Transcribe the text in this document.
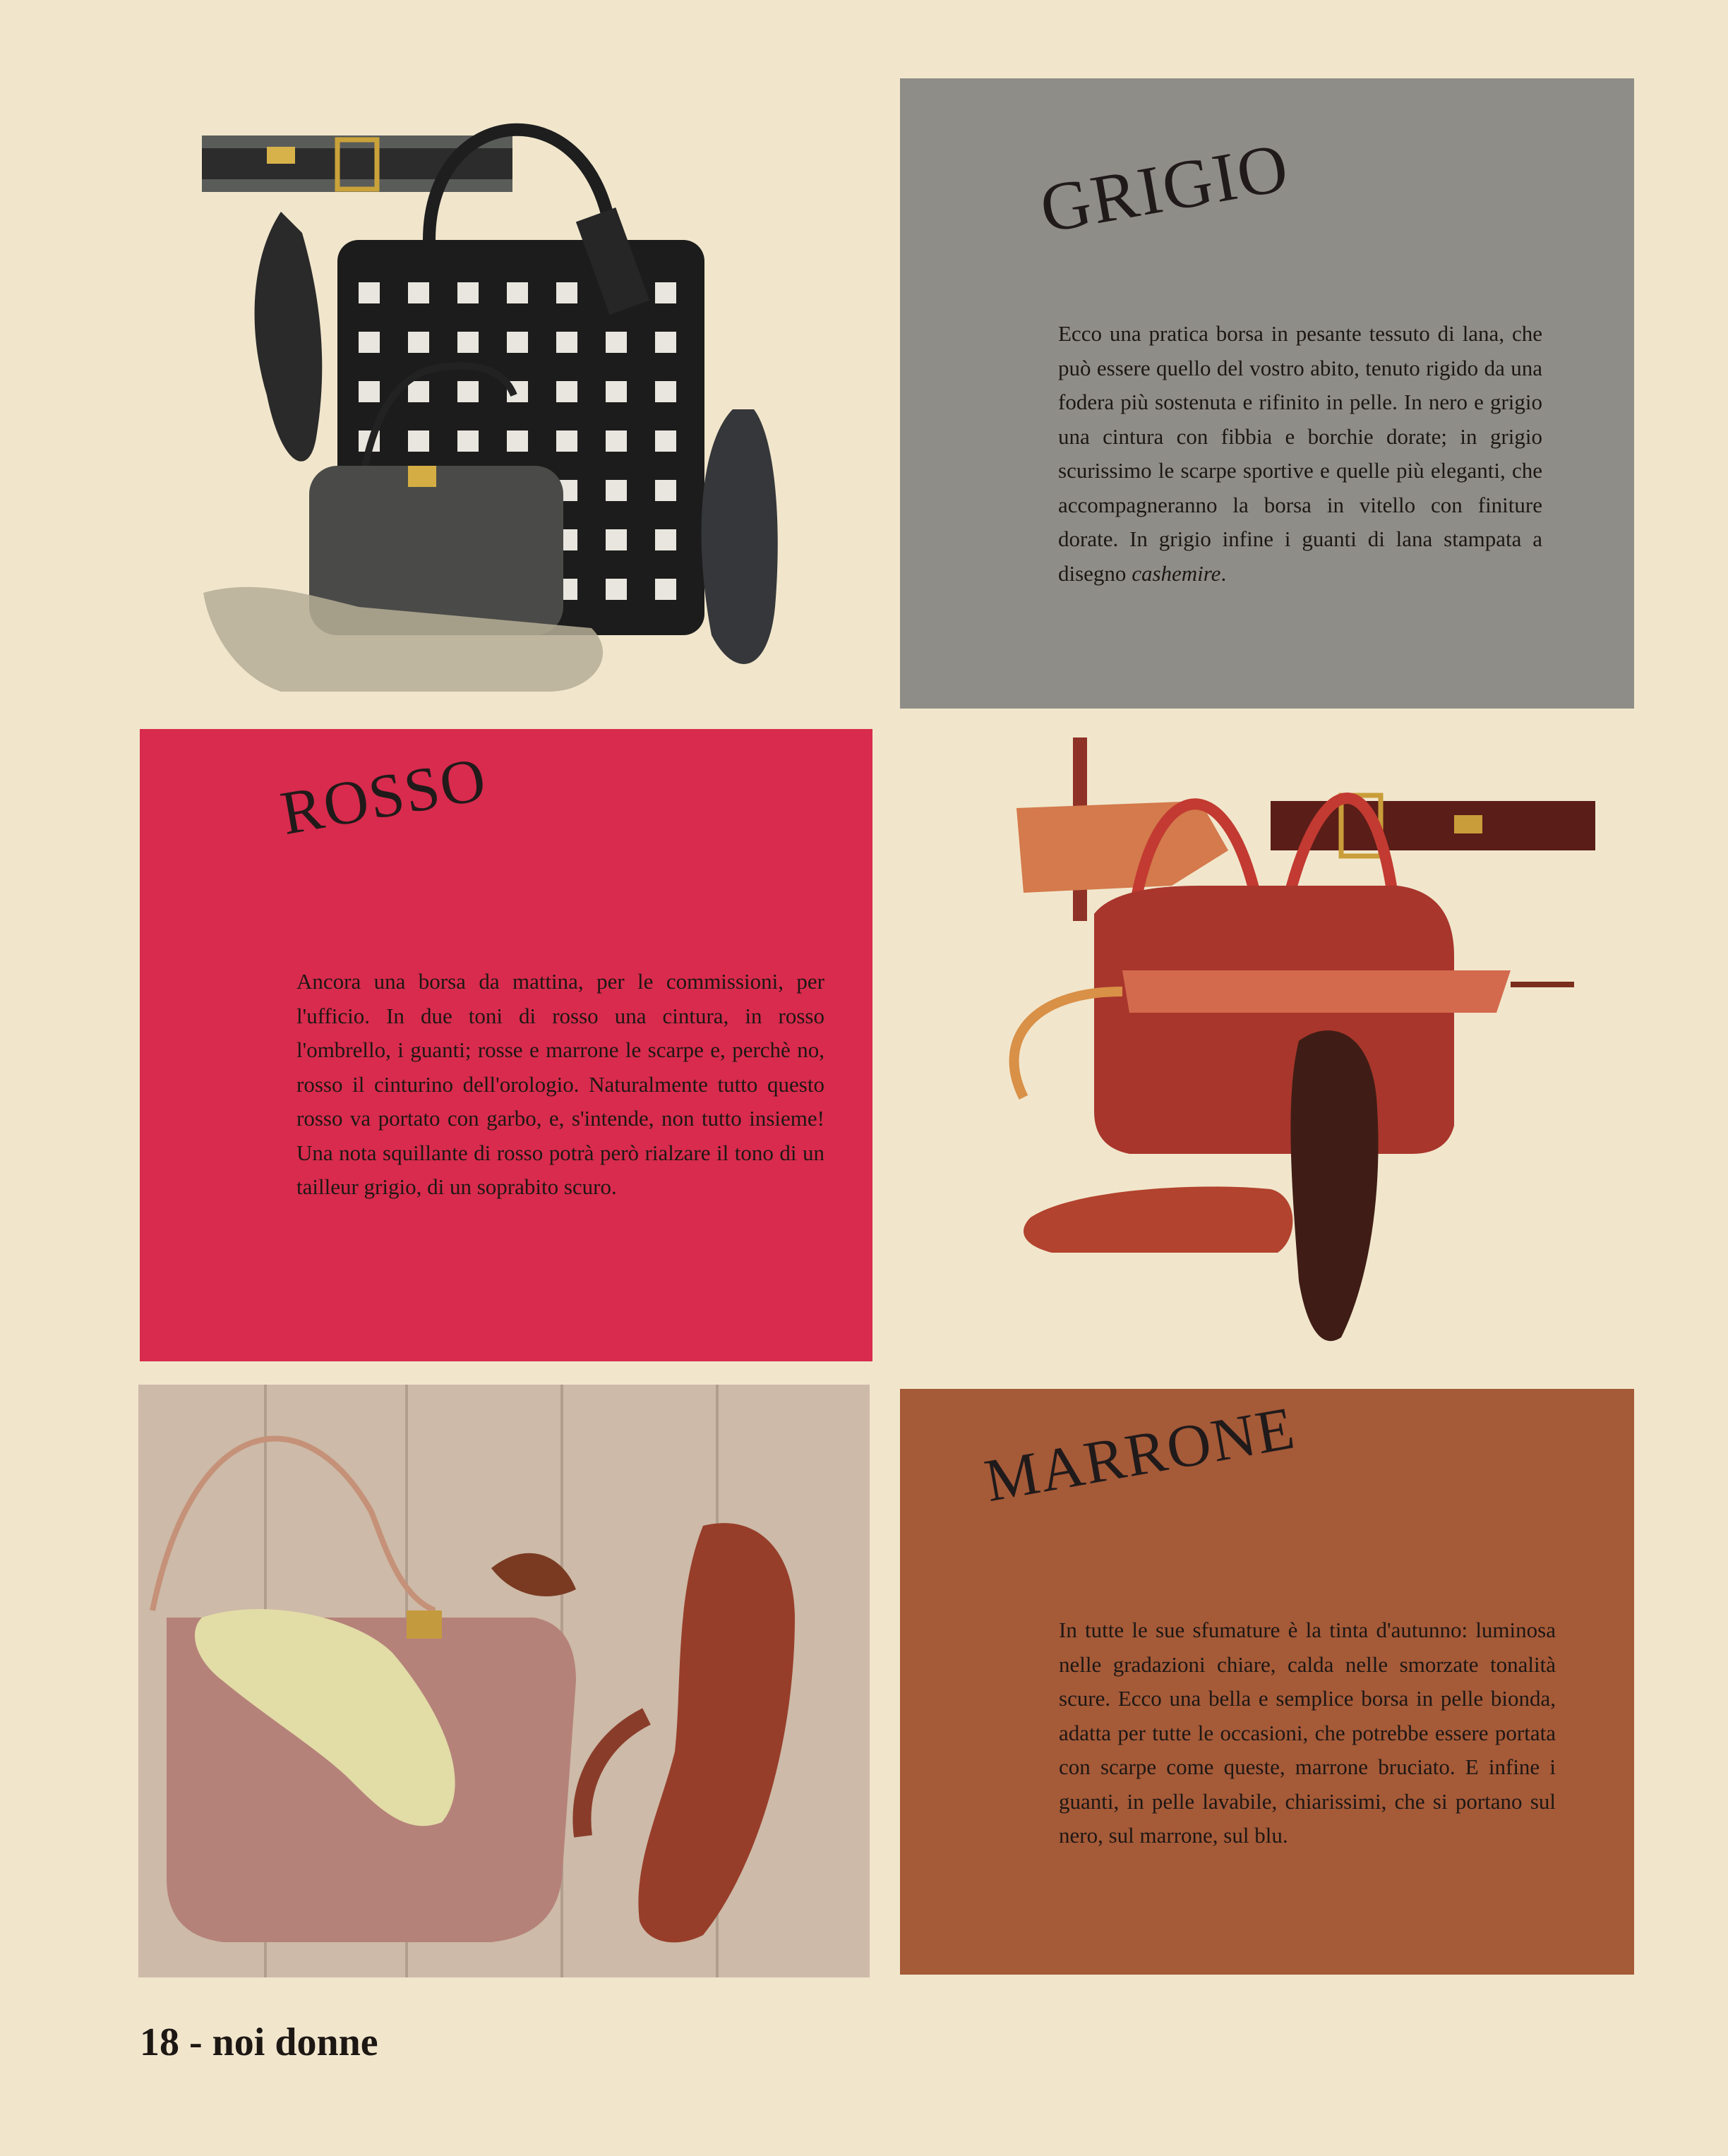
GRIGIO

Ecco una pratica borsa in pesante tessuto di lana, che può essere quello del vostro abito, tenuto rigido da una fodera più sostenuta e rifinito in pelle. In nero e grigio una cintura con fibbia e borchie dorate; in grigio scurissimo le scarpe sportive e quelle più eleganti, che accompagneranno la borsa in vitello con finiture dorate. In grigio infine i guanti di lana stampata a disegno cashemire.

ROSSO

Ancora una borsa da mattina, per le commissioni, per l'ufficio. In due toni di rosso una cintura, in rosso l'ombrello, i guanti; rosse e marrone le scarpe e, perchè no, rosso il cinturino dell'orologio. Naturalmente tutto questo rosso va portato con garbo, e, s'intende, non tutto insieme! Una nota squillante di rosso potrà però rialzare il tono di un tailleur grigio, di un soprabito scuro.

MARRONE

In tutte le sue sfumature è la tinta d'autunno: luminosa nelle gradazioni chiare, calda nelle smorzate tonalità scure. Ecco una bella e semplice borsa in pelle bionda, adatta per tutte le occasioni, che potrebbe essere portata con scarpe come queste, marrone bruciato. E infine i guanti, in pelle lavabile, chiarissimi, che si portano sul nero, sul marrone, sul blu.

18 - noi donne
